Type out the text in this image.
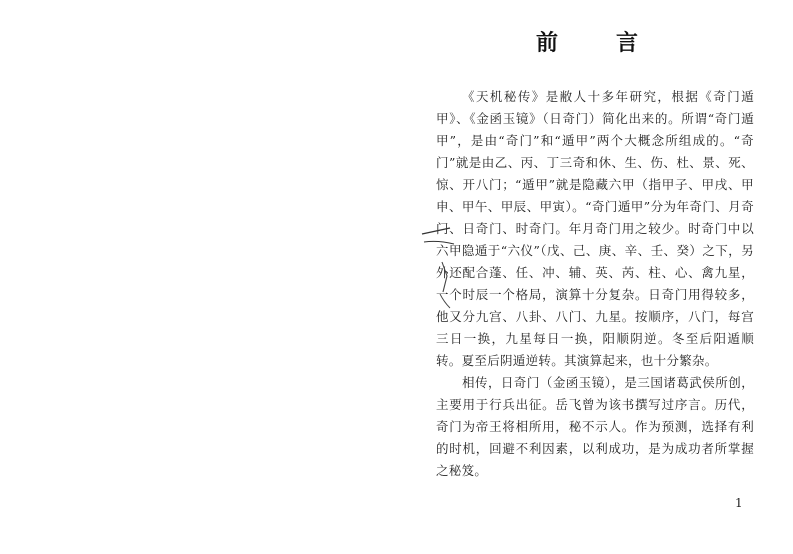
前　言

《天机秘传》是敝人十多年研究，根据《奇门遁甲》、《金函玉镜》（日奇门）简化出来的。所谓“奇门遁甲”，是由“奇门”和“遁甲”两个大概念所组成的。“奇门”就是由乙、丙、丁三奇和休、生、伤、杜、景、死、惊、开八门；“遁甲”就是隐藏六甲（指甲子、甲戌、甲申、甲午、甲辰、甲寅）。“奇门遁甲”分为年奇门、月奇门、日奇门、时奇门。年月奇门用之较少。时奇门中以六甲隐遁于“六仪”（戊、己、庚、辛、壬、癸）之下，另外还配合蓬、任、冲、辅、英、芮、柱、心、禽九星，一个时辰一个格局，演算十分复杂。日奇门用得较多，他又分九宫、八卦、八门、九星。按顺序，八门，每宫三日一换，九星每日一换，阳顺阴逆。冬至后阳遁顺转。夏至后阴遁逆转。其演算起来，也十分繁杂。

相传，日奇门（金函玉镜），是三国诸葛武侯所创，主要用于行兵出征。岳飞曾为该书撰写过序言。历代，奇门为帝王将相所用，秘不示人。作为预测，选择有利的时机，回避不利因素，以利成功，是为成功者所掌握之秘笈。

1
